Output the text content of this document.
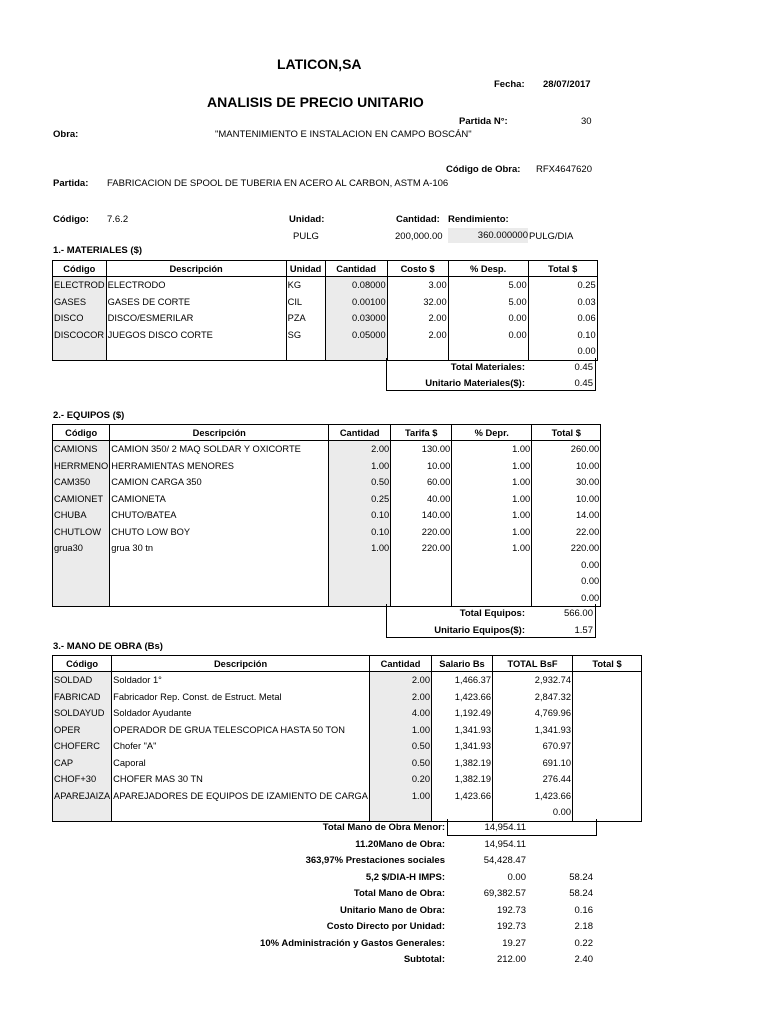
LATICON,SA
Fecha: 28/07/2017
ANALISIS DE PRECIO UNITARIO
Partida N°:	30
Obra:	"MANTENIMIENTO E INSTALACION EN CAMPO BOSCÁN"
Código de Obra: RFX4647620
Partida: FABRICACION DE SPOOL DE TUBERIA EN ACERO AL CARBON, ASTM A-106
Código: 7.6.2	Unidad:	Cantidad: Rendimiento:
PULG	200,000.00	360.000000 PULG/DIA
1.- MATERIALES ($)
Código	Descripción	Unidad	Cantidad	Costo $	% Desp.	Total $
ELECTROD	ELECTRODO	KG	0.08000	3.00	5.00	0.25
GASES	GASES DE CORTE	CIL	0.00100	32.00	5.00	0.03
DISCO	DISCO/ESMERILAR	PZA	0.03000	2.00	0.00	0.06
DISCOCOR	JUEGOS DISCO CORTE	SG	0.05000	2.00	0.00	0.10
						0.00
Total Materiales:	0.45
Unitario Materiales($):	0.45
2.- EQUIPOS ($)
Código	Descripción	Cantidad	Tarifa $	% Depr.	Total $
CAMIONS	CAMION 350/ 2 MAQ SOLDAR Y OXICORTE	2.00	130.00	1.00	260.00
HERRMENO	HERRAMIENTAS MENORES	1.00	10.00	1.00	10.00
CAM350	CAMION CARGA 350	0.50	60.00	1.00	30.00
CAMIONET	CAMIONETA	0.25	40.00	1.00	10.00
CHUBA	CHUTO/BATEA	0.10	140.00	1.00	14.00
CHUTLOW	CHUTO LOW BOY	0.10	220.00	1.00	22.00
grua30	grua 30 tn	1.00	220.00	1.00	220.00
					0.00
					0.00
					0.00
Total Equipos:	566.00
Unitario Equipos($):	1.57
3.- MANO DE OBRA (Bs)
Código	Descripción	Cantidad	Salario Bs	TOTAL BsF	Total $
SOLDAD	Soldador 1°	2.00	1,466.37	2,932.74	
FABRICAD	Fabricador Rep. Const. de Estruct. Metal	2.00	1,423.66	2,847.32	
SOLDAYUD	Soldador Ayudante	4.00	1,192.49	4,769.96	
OPER	OPERADOR DE GRUA TELESCOPICA HASTA 50 TON	1.00	1,341.93	1,341.93	
CHOFERC	Chofer "A"	0.50	1,341.93	670.97	
CAP	Caporal	0.50	1,382.19	691.10	
CHOF+30	CHOFER MAS 30 TN	0.20	1,382.19	276.44	
APAREJAIZA	APAREJADORES DE EQUIPOS DE IZAMIENTO DE CARGA	1.00	1,423.66	1,423.66	
				0.00	
Total Mano de Obra Menor:	14,954.11
11.20Mano de Obra:	14,954.11
363,97% Prestaciones sociales	54,428.47
5,2 $/DIA-H IMPS:	0.00	58.24
Total Mano de Obra:	69,382.57	58.24
Unitario Mano de Obra:	192.73	0.16
Costo Directo por Unidad:	192.73	2.18
10% Administración y Gastos Generales:	19.27	0.22
Subtotal:	212.00	2.40
